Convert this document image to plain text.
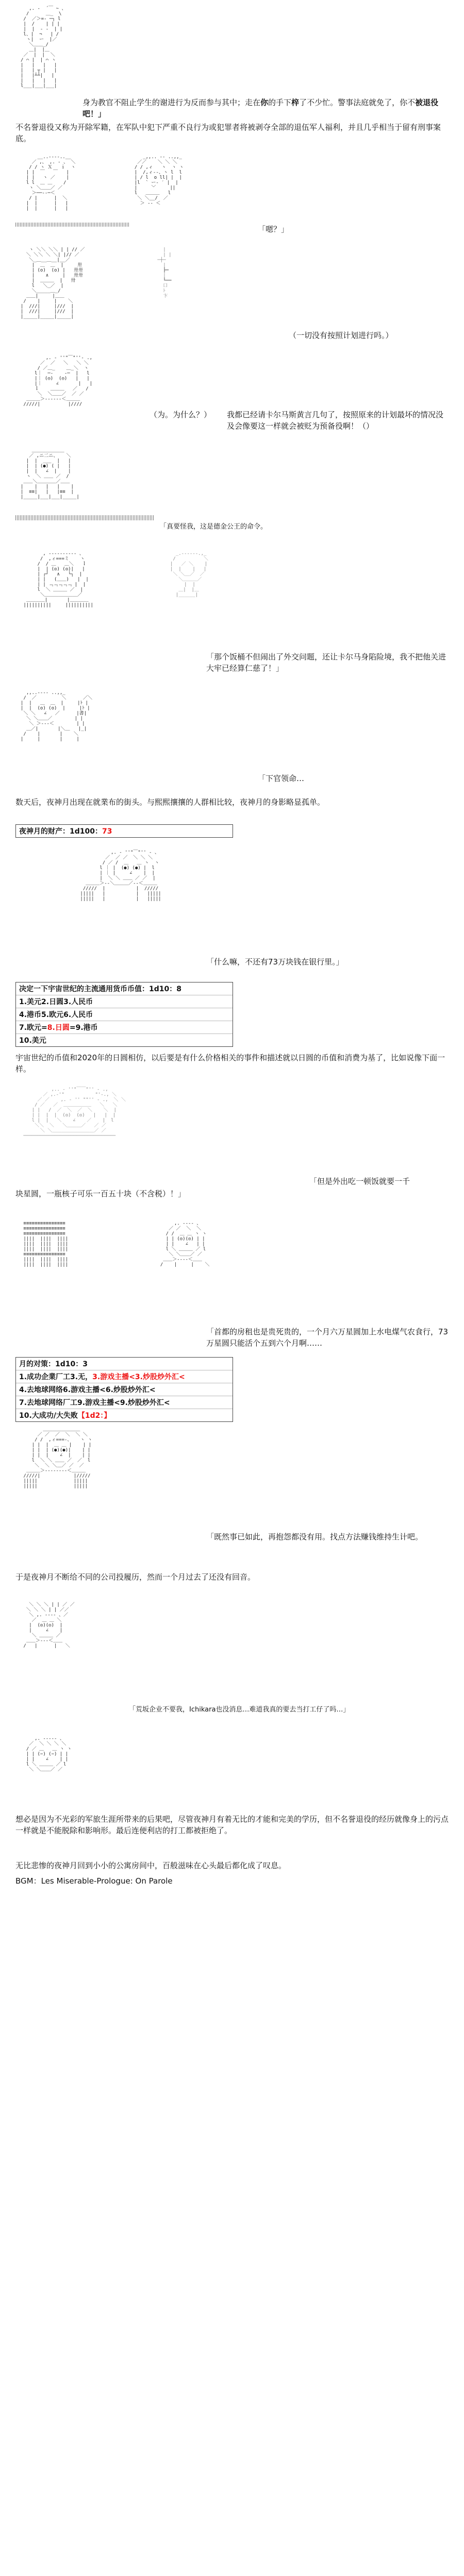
,. ‐  ´￣ ~ 、
/      ＿_  \
/  ／＞=‐ ─┐ l
|  /    | | |
|  |  ‐ ‐  | |
l、|  ¬   | /
ヽ|  ー  |／
＼＿＿_/
＿|  |＿
／  |  |  ＼
/ ⌒ |  | ⌒ ヽ
|   |   |   |
|   | ┬ |   |
|   |┴┴|   |
|   |   |   |
l___|___|___|

身为教官不阻止学生的谢进行为反而参与其中；走在你的手下梓了不少忙。警事法庭就免了，你不被退役吧！」
不名誉退役又称为开除军籍，在军队中犯下严重不良行为或犯罪者将被剥夺全部的退伍军人福利，并且几乎相当于留有刑事案底。

__..-‐‐-..__
／ ,、 ,. ‐ 、 ＼
/ / ヽ Ｘ   ｉ  ヽ
| |  ￣   ￣   |
| |   ヽ ／    |
l l  ＿ ＿    /
ヽ ＼＿＿／ ／
＞──‐‐─＜
/ |      |  ＼
|  |      |   |
|  |      |   |

_,,.. ‐‐ ..,,_
／／    ＼ ＼ ＼
/ / ,ィ   ヽ  ヽ ヽ
|  /,ィ‐‐、ヽ l  l
| / l  o ll| |  |
|l  ` ー‐ ′ |  |
|     ﹀     ||
l   ＿＿＿   l
＼ ＼__/  ／
＞ ‐‐ ＜

「嗯？」

ヽ ＼＼ ＼＼ | | // ／
＼ ＼＼ ＼ ＼| |// ／
＼_＿__＿__|__／
|  ＿  ＿  |     卅
| (o)  (o) |   卅卅
|    ∧     |   卅卅
|  ＿＿＿  |   卅
l   ＼_／  |
＼_____＿_/
＿＿|     |＿＿
/    |     |    ＼
|  ///|     |///  |
|  ///|     |///  |
|_____|_____|_____|

|
| |
─┼─
|
┣━
|
┗━━
口
ﾄ
卞

（一切没有按照计划进行吗。）

,. ‐ ''"￣"''‐ .,
／  ／   ＼   ＼ ＼
/ ／＿_    ＿_＼  ヽ
l｜  ─‐    ‐─  |   l
|｜ (◎)  (◎)   |   |
|｜     ∠       |   |
ｌ    ＿＿＿   ／   /
＼  ＼＿＿／  ／ ／
＿＿＿＞‐‐‐‐‐‐＜＿＿＿
/////|          |////

（为。为什么？）	我都已经请卡尔马斯黄言几句了，按照原来的计划最坏的情况没及会像要这一样就会被贬为预备役啊！（）

＿＿＿＿＿＿＿
／ ,ニ二ニ、   ＼
|  |  ___  |   |
|  | (●) ( |   |
|  |   ∠  |    |
ヽ  ＼ ＿＿ ／  /
＿＿＼＿＿＿＿／＿＿
|    |   |   |    |
|  ≡≡|   |   |≡≡  |
|_____|___|___|_____|

「真要怪我，这是德金公王的命令。

, ‐‐‐‐‐‐‐‐‐‐ 、
/  ,ィ===ミ    ヽ
/  / ＿   ＿＼   ｌ
|  | (◎) (◎)|   |
| ┌┘   ∧   └┐  |
| |   (＿＿)   |  |
| | ﹃﹃﹃﹃﹃ |  |
l  ＼ ＿＿＿ ／  |
＼＿＿＿＿＿＿＿／
＿＿＿＿|       |＿＿＿＿
||||||||||     ||||||||||

_.-‐‐‐‐-.,_
/          ＼
|   ／ ＼    |
|  |    |   |
＼ ＼＿／  ／
＼＿＿＿／
|  |
＿|  |＿
|______|

「那个饭桶不但闹出了外交问题，还让卡尔马身陷险境，我不把他关进大牢已经算仁慈了！」

,,..‐‐‐‐ ..,,_
/  ／         ＼      ／＼
|  |   ＿  ＿  |     |ﾄ |
|  |  (o) (o)  |     |ﾄ |
＼ ＼   ∠   ／      |書|
＼ ＼＿＿／        | |
＼ ＞‐‐‐＜        | |
＿／|       |＼＿   |_|
/    |       |    ＼
|     |       |     |

「下官领命…
数天后，夜神月出现在就業布的街头。与熙熙攘攘的人群相比较，夜神月的身影略显孤单。
夜神月的财产：1d100：73

,. ‐ ''"￣"'' ‐ 、
／  ／ ／  ＼ ＼ ＼
/ ／ /  ＿   ＿ ヽ  ヽ
l ｜ |  (●) (●) |  l
| ｜ |     ∠    |  |
|  ＼ ＼ ＿＿ ／ ／  |
＿＿＿＞‐‐＼＿＿＿／‐‐＜＿＿＿
/////  |           |  /////
|||||   |           |   |||||
|||||   |           |   |||||

「什么嘛，不还有73万块钱在银行里。」
决定一下宇宙世纪的主流通用货币币值：1d10：8
1.美元2.日圆3.人民币
4.港币5.欧元6.人民币
7.欧元=8.日圆=9.港币
10.美元
宇宙世纪的币值和2020年的日圆相仿，以后要是有什么价格相关的事件和描述就以日圆的币值和消费为基了，比如说像下面一样。

,.. ‐ ''"￣￣"'' ‐ .,
／ ,.‐'"           "'‐., ＼
／ ／    ,. ‐ '' ""'' ‐ .,  ＼ ＼
/ ／   ／  ＿＿＿＿＿＿   ＼   ＼
| |   /  ／  ＼  ／  ＼    ＼  |
| |  |  |  (◎)  (◎)   |   |  |
l |  |   ＼    ∠    ／    |  l
＼＼  ＼   ＼＿＿＿／   ／ ／
＼ ＼＿＿＿＿＿＿＿＿＿／ ／
─────────────────────────────────

「但是外出吃一顿饭就要一千
块星圆，一瓶核子可乐一百五十块（不含税）！」

≡≡≡≡≡≡≡≡≡≡≡≡≡≡≡
≡≡≡≡≡≡≡≡≡≡≡≡≡≡≡
≡≡≡≡≡≡≡≡≡≡≡≡≡≡≡
||||  ||||  ||||
||||  ||||  ||||
||||  ||||  ||||
≡≡≡≡≡≡≡≡≡≡≡≡≡≡≡
||||  ||||  ||||
||||  ||||  ||||

,. ‐‐‐‐ 、
／ ／  ＼  ＼
/ /  ＿ ＿ ヽ ヽ
| | (◎)(◎) | |
| |    ∠   | |
l ＼ ＿＿＿ ／ l
＼ ＼＿＿／ ／
＿＿＞‐‐‐‐＜＿＿
/    |     |    ＼

「首都的房租也是贵死贵的，一个月六万星圆加上水电煤气农食行，73万星圆只能活个五到六个月啊……
月的对策：1d10：3
1.成功企業厂工3.无，3.游戏主播<3.炒股炒外汇<
4.去地球网络6.游戏主播<6.炒股炒外汇<
7.去地球网络厂工9.游戏主播<9.炒股炒外汇<
10.大成功/大失败【1d2：】

＿＿＿＿＿＿＿＿
／ ／  ／  ＼  ＼ ＼
/ /  ,ィ===‐、   ヽ ヽ
| |  |  ＿ ＿ |    | |
| |  | (●)(●)|    | |
| |  |    ∠  |    | |
l  ＼ ＼ ＿＿ ／  ／  l
＼  ＼ ＼＿／ ／  ／
＿＿＿＞‐‐‐‐‐‐‐‐＜＿＿＿
/////|            |/////
|||||             |||||
|||||             |||||

「既然事已如此，再抱怨都没有用。找点方法赚钱维持生计吧。
于是夜神月不断给不同的公司投履历，然而一个月过去了还没有回音。

＼ ＼ ＼ | | ／ ／
＼ ＼ ＼ | | ／／
＼ ,. ‐‐‐‐ 、／
／  ＿ ＿ ＼
|  (◎)(◎)  |
|     ∠    |
＼ ＿＿＿ ／
＿＿＞‐‐‐＜＿＿
/   |      |   ＼

「荒坂企业不要我，Ichikara也没消息…难道我真的要去当打工仔了吗…」

,. ‐‐‐‐‐ 、
／  ＼ ＼ ＼ ＼
/ ／ ＿   ＿ ヽ ヽ
| | (−) (−) | |
| |    ∠    | |
l ＼ ＿＿＿ ／ l
＼ ＼＿＿／ ／

想必是因为不光彩的军旅生涯所带来的后果吧，尽管夜神月有着无比的才能和完美的学历，但不名誉退役的经历就像身上的污点一样就是不能脱除和影响形。最后连便利店的打工都被拒绝了。
无比悲惨的夜神月回到小小的公寓房间中，百般滋味在心头最后都化成了叹息。
BGM：Les Miserable-Prologue: On Parole
